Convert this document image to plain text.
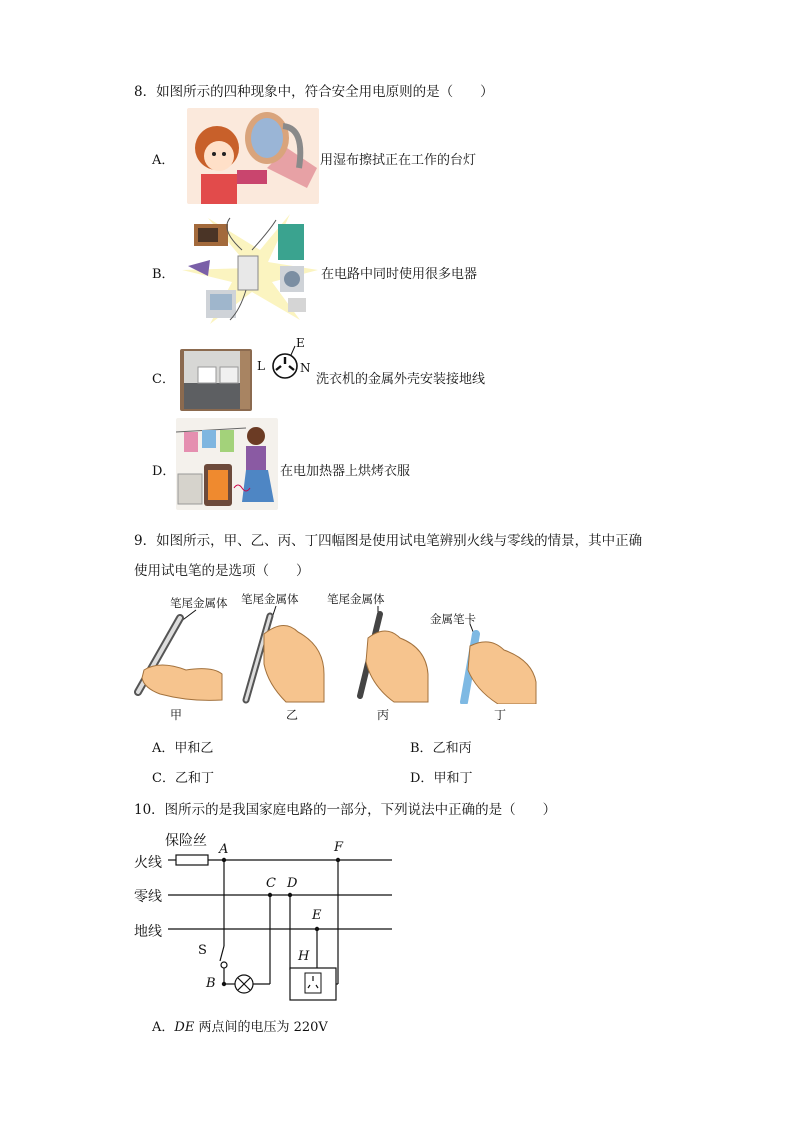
8．如图所示的四种现象中，符合安全用电原则的是（　　）
A．	用湿布擦拭正在工作的台灯
B．	在电路中同时使用很多电器
C．
E
L	N
洗衣机的金属外壳安装接地线
D．	在电加热器上烘烤衣服
9．如图所示，甲、乙、丙、丁四幅图是使用试电笔辨别火线与零线的情景，其中正确
使用试电笔的是选项（　　）
笔尾金属体
甲
笔尾金属体
乙
笔尾金属体
丙
金属笔卡
丁
A．甲和乙	B．乙和丙
C．乙和丁	D．甲和丁
10．图所示的是我国家庭电路的一部分，下列说法中正确的是（　　）
保险丝
火线
零线
地线
A	F
C D
E
S	H
B
A．DE 两点间的电压为 220V
